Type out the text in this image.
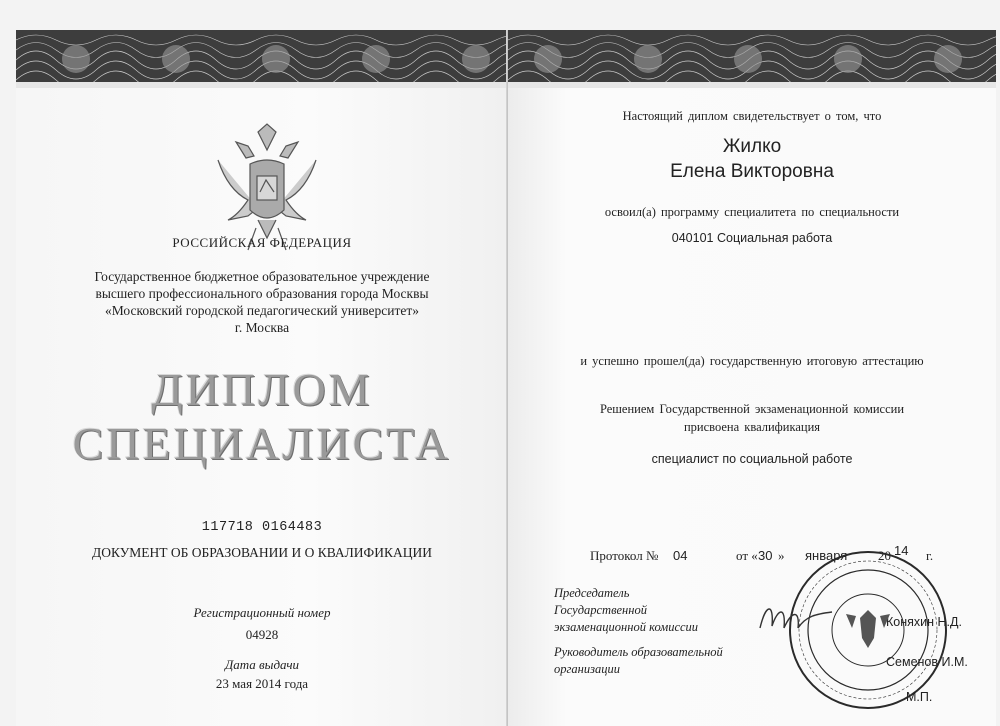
РОССИЙСКАЯ ФЕДЕРАЦИЯ
Государственное бюджетное образовательное учреждение
высшего профессионального образования города Москвы
«Московский городской педагогический университет»
г. Москва
ДИПЛОМ
СПЕЦИАЛИСТА
117718 0164483
ДОКУМЕНТ ОБ ОБРАЗОВАНИИ И О КВАЛИФИКАЦИИ
Регистрационный номер
04928
Дата выдачи
23 мая 2014 года
Настоящий диплом свидетельствует о том, что
Жилко
Елена Викторовна
освоил(а) программу специалитета по специальности
040101 Социальная работа
и успешно прошел(да) государственную итоговую аттестацию
Решением Государственной экзаменационной комиссии
присвоена квалификация
специалист по социальной работе
Протокол № 04	от « 30 » января 20 14 г.
Председатель
Государственной
экзаменационной комиссии	Коняхин Н.Д.
Руководитель образовательной
организации	Семенов И.М.
М.П.
